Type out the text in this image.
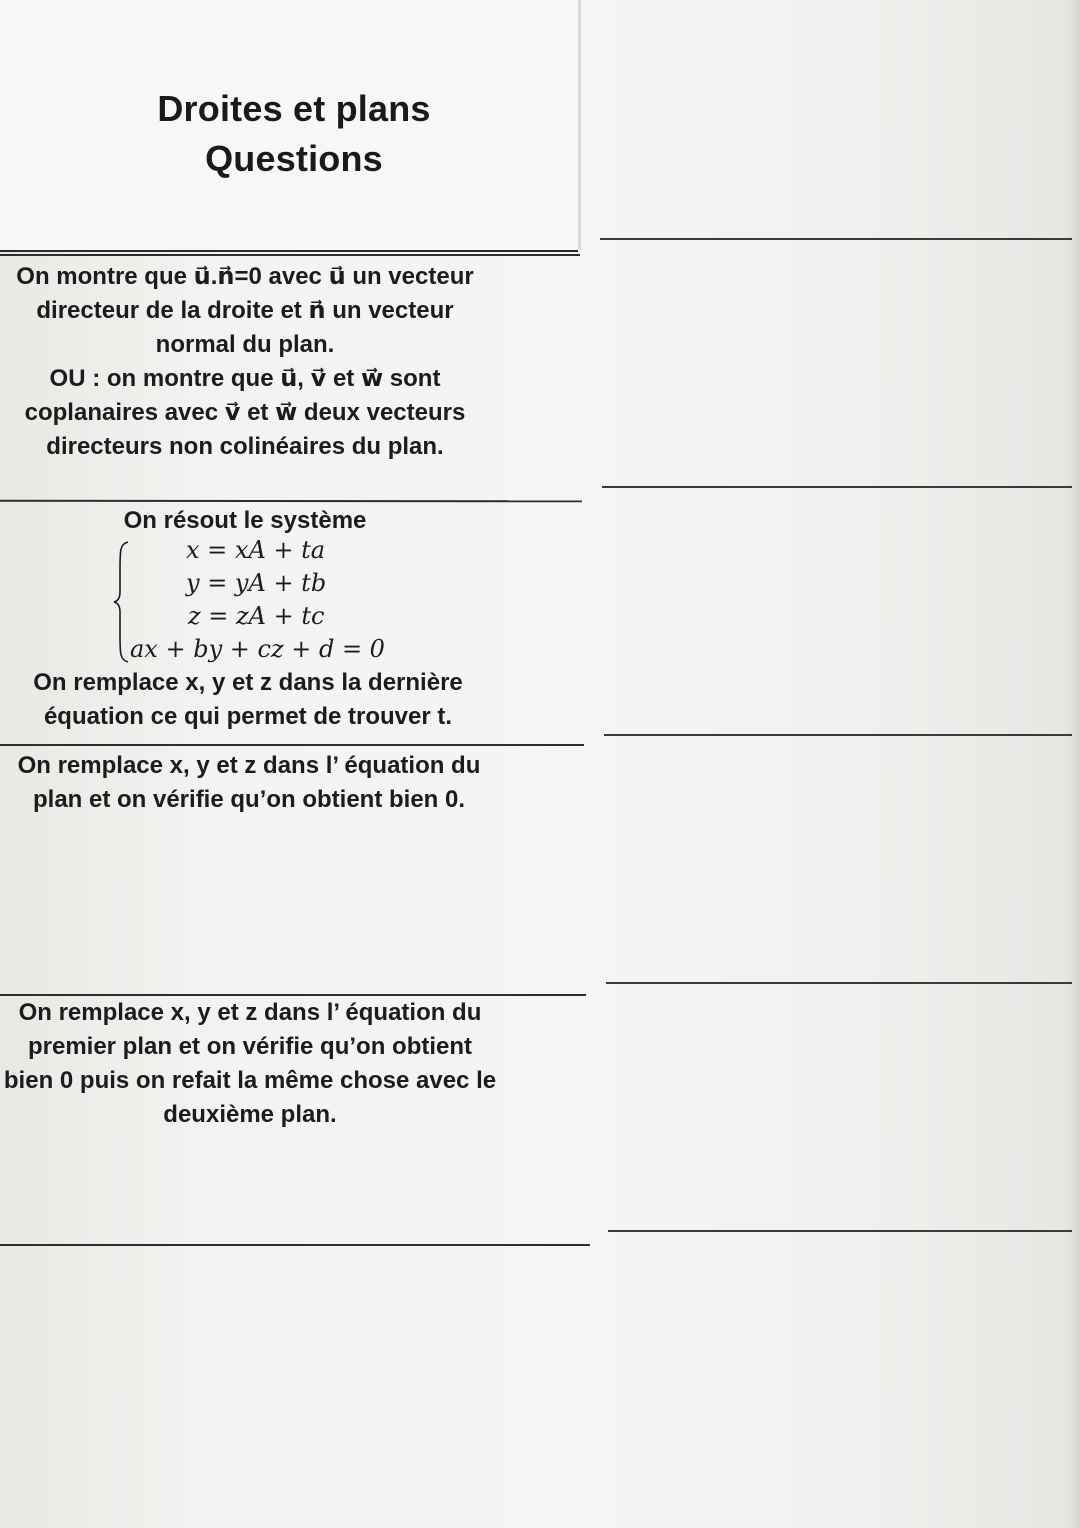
Droites et plans
Questions
On montre que u⃗.n⃗=0 avec u⃗ un vecteur
directeur de la droite et n⃗ un vecteur
normal du plan.
OU : on montre que u⃗, v⃗ et w⃗ sont
coplanaires avec v⃗ et w⃗ deux vecteurs
directeurs non colinéaires du plan.
On résout le système
x = xA + ta
y = yA + tb
z = zA + tc
ax + by + cz + d = 0
On remplace x, y et z dans la dernière
équation ce qui permet de trouver t.
On remplace x, y et z dans l’ équation du
plan et on vérifie qu’on obtient bien 0.
On remplace x, y et z dans l’ équation du
premier plan et on vérifie qu’on obtient
bien 0 puis on refait la même chose avec le
deuxième plan.
